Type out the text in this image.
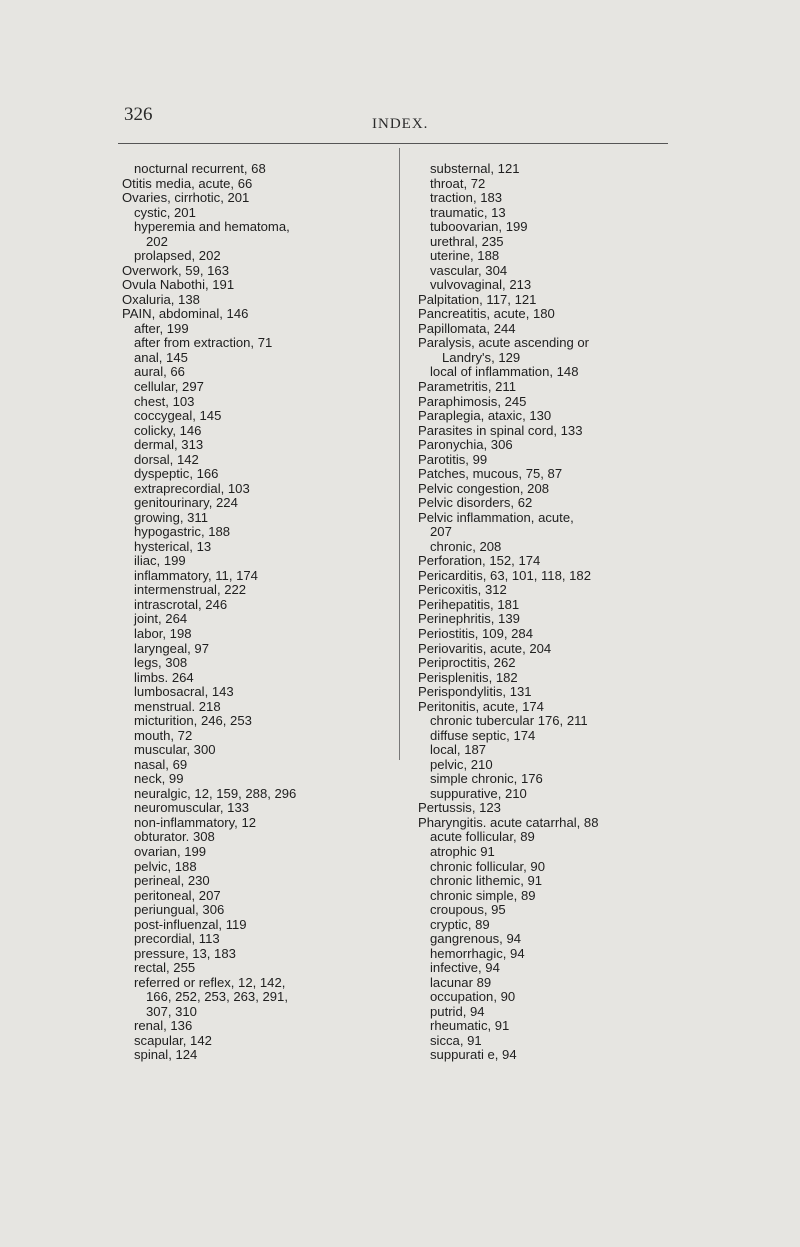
326	INDEX.
nocturnal recurrent, 68
Otitis media, acute, 66
Ovaries, cirrhotic, 201
cystic, 201
hyperemia and hematoma,
202
prolapsed, 202
Overwork, 59, 163
Ovula Nabothi, 191
Oxaluria, 138
PAIN, abdominal, 146
after, 199
after from extraction, 71
anal, 145
aural, 66
cellular, 297
chest, 103
coccygeal, 145
colicky, 146
dermal, 313
dorsal, 142
dyspeptic, 166
extraprecordial, 103
genitourinary, 224
growing, 311
hypogastric, 188
hysterical, 13
iliac, 199
inflammatory, 11, 174
intermenstrual, 222
intrascrotal, 246
joint, 264
labor, 198
laryngeal, 97
legs, 308
limbs. 264
lumbosacral, 143
menstrual. 218
micturition, 246, 253
mouth, 72
muscular, 300
nasal, 69
neck, 99
neuralgic, 12, 159, 288, 296
neuromuscular, 133
non-inflammatory, 12
obturator. 308
ovarian, 199
pelvic, 188
perineal, 230
peritoneal, 207
periungual, 306
post-influenzal, 119
precordial, 113
pressure, 13, 183
rectal, 255
referred or reflex, 12, 142,
166, 252, 253, 263, 291,
307, 310
renal, 136
scapular, 142
spinal, 124
substernal, 121
throat, 72
traction, 183
traumatic, 13
tuboovarian, 199
urethral, 235
uterine, 188
vascular, 304
vulvovaginal, 213
Palpitation, 117, 121
Pancreatitis, acute, 180
Papillomata, 244
Paralysis, acute ascending or
Landry's, 129
local of inflammation, 148
Parametritis, 211
Paraphimosis, 245
Paraplegia, ataxic, 130
Parasites in spinal cord, 133
Paronychia, 306
Parotitis, 99
Patches, mucous, 75, 87
Pelvic congestion, 208
Pelvic disorders, 62
Pelvic inflammation, acute,
207
chronic, 208
Perforation, 152, 174
Pericarditis, 63, 101, 118, 182
Pericoxitis, 312
Perihepatitis, 181
Perinephritis, 139
Periostitis, 109, 284
Periovaritis, acute, 204
Periproctitis, 262
Perisplenitis, 182
Perispondylitis, 131
Peritonitis, acute, 174
chronic tubercular 176, 211
diffuse septic, 174
local, 187
pelvic, 210
simple chronic, 176
suppurative, 210
Pertussis, 123
Pharyngitis. acute catarrhal, 88
acute follicular, 89
atrophic 91
chronic follicular, 90
chronic lithemic, 91
chronic simple, 89
croupous, 95
cryptic, 89
gangrenous, 94
hemorrhagic, 94
infective, 94
lacunar 89
occupation, 90
putrid, 94
rheumatic, 91
sicca, 91
suppurati e, 94
